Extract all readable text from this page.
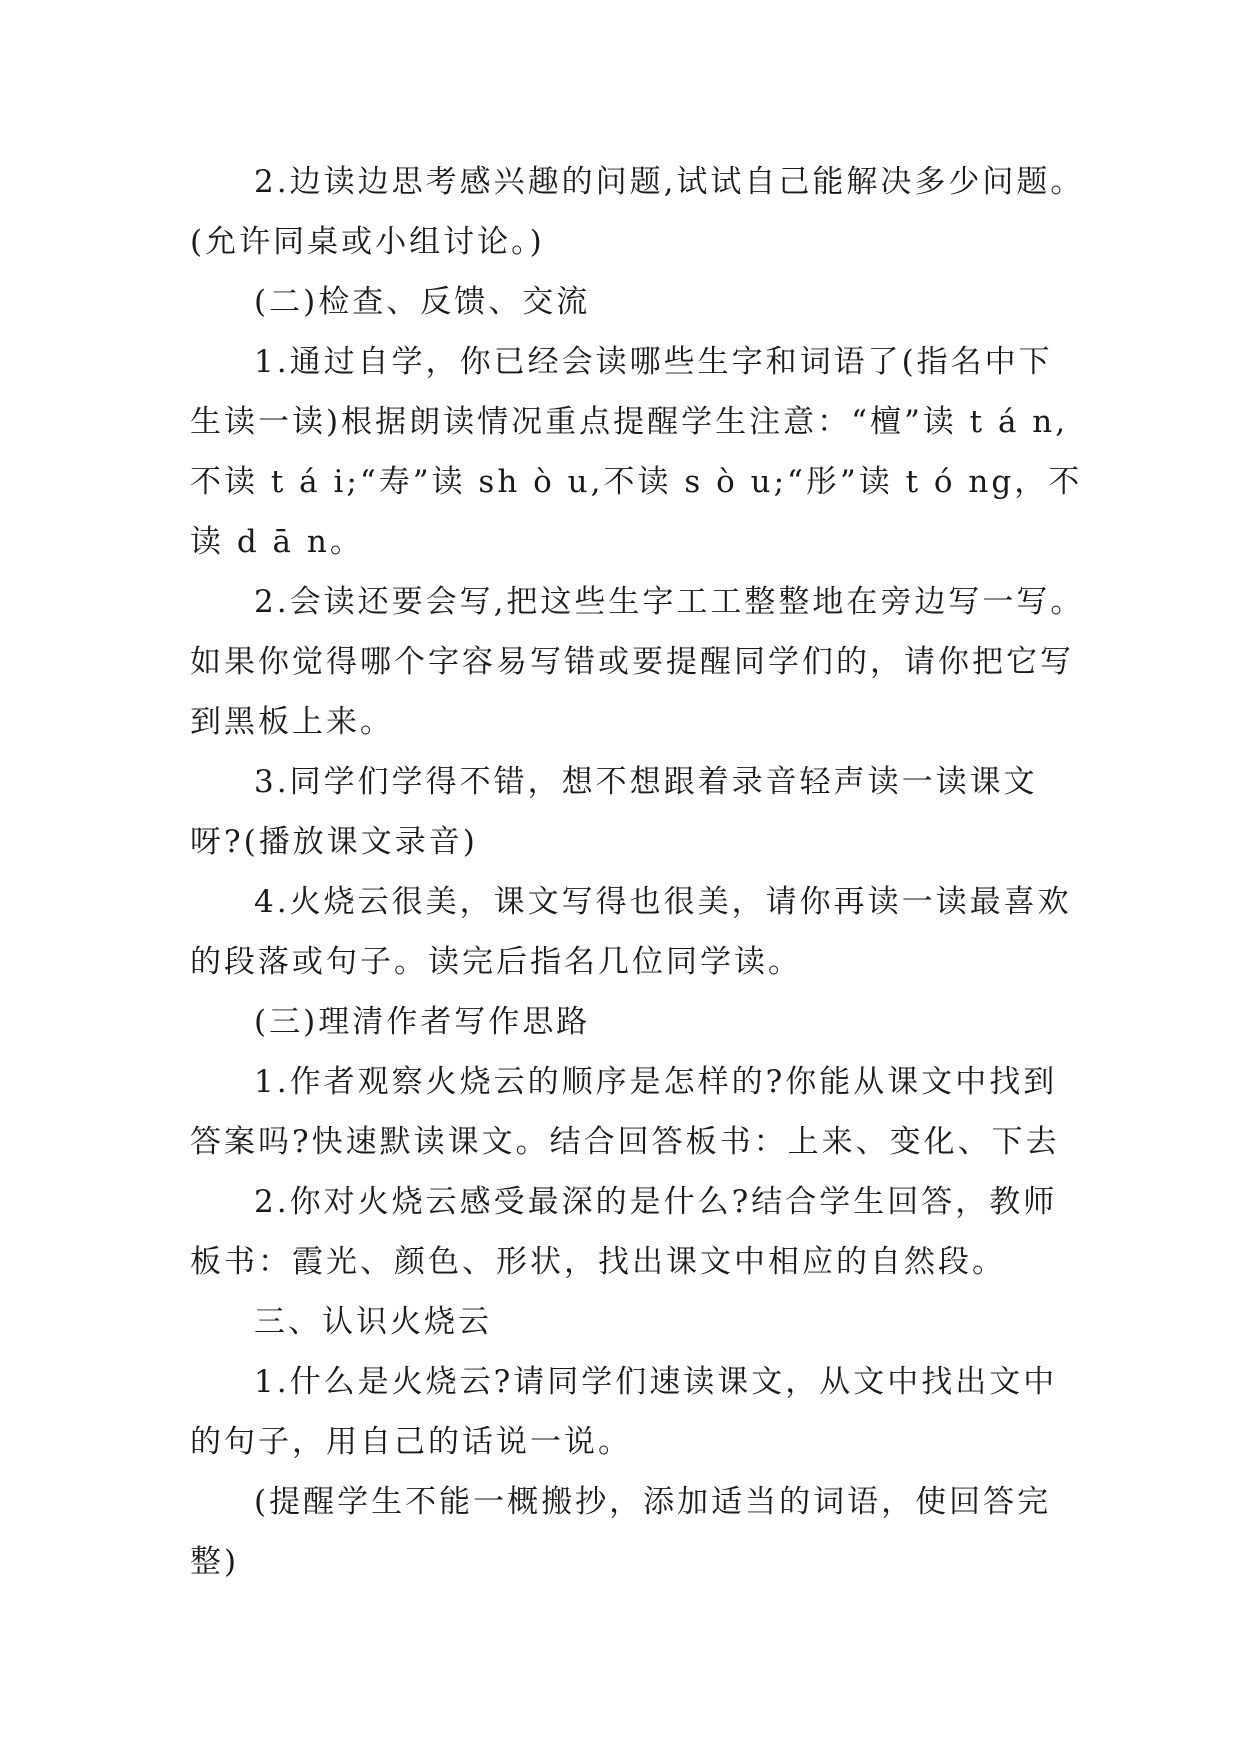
2.边读边思考感兴趣的问题,试试自己能解决多少问题。
(允许同桌或小组讨论。)
(二)检查、反馈、交流
1.通过自学，你已经会读哪些生字和词语了(指名中下
生读一读)根据朗读情况重点提醒学生注意：“檀”读 t á n,
不读 t á i;“寿”读 sh ò u,不读 s ò u;“彤”读 t ó ng，不
读 d ā n。
2.会读还要会写,把这些生字工工整整地在旁边写一写。
如果你觉得哪个字容易写错或要提醒同学们的，请你把它写
到黑板上来。
3.同学们学得不错，想不想跟着录音轻声读一读课文
呀?(播放课文录音)
4.火烧云很美，课文写得也很美，请你再读一读最喜欢
的段落或句子。读完后指名几位同学读。
(三)理清作者写作思路
1.作者观察火烧云的顺序是怎样的?你能从课文中找到
答案吗?快速默读课文。结合回答板书：上来、变化、下去
2.你对火烧云感受最深的是什么?结合学生回答，教师
板书：霞光、颜色、形状，找出课文中相应的自然段。
三、认识火烧云
1.什么是火烧云?请同学们速读课文，从文中找出文中
的句子，用自己的话说一说。
(提醒学生不能一概搬抄，添加适当的词语，使回答完
整)
